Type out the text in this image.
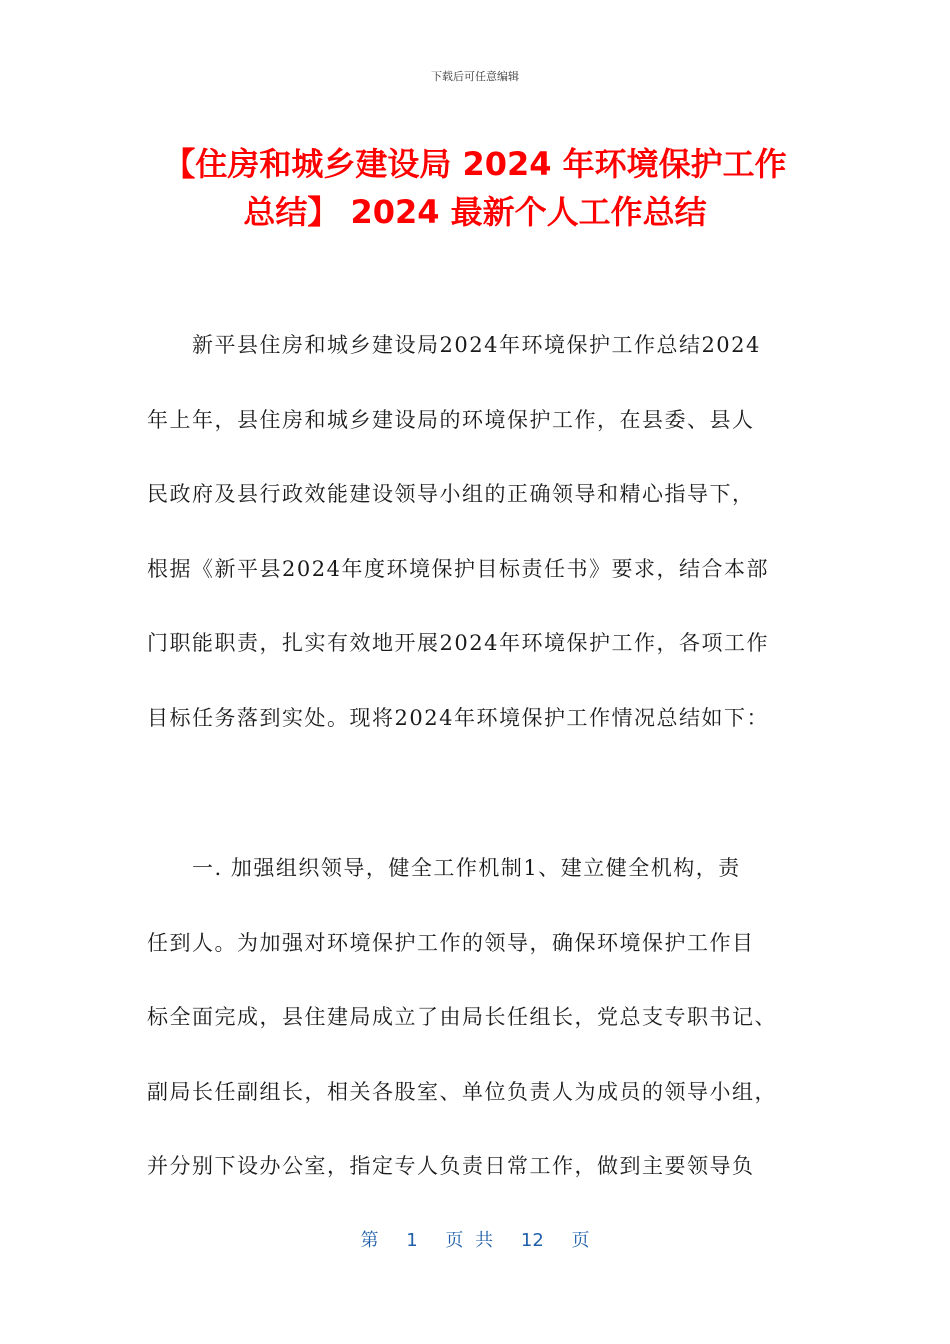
下载后可任意编辑
【住房和城乡建设局 2024 年环境保护工作
总结】 2024 最新个人工作总结
新平县住房和城乡建设局2024年环境保护工作总结2024
年上年，县住房和城乡建设局的环境保护工作，在县委、县人
民政府及县行政效能建设领导小组的正确领导和精心指导下，
根据《新平县2024年度环境保护目标责任书》要求，结合本部
门职能职责，扎实有效地开展2024年环境保护工作，各项工作
目标任务落到实处。现将2024年环境保护工作情况总结如下：
一. 加强组织领导，健全工作机制1、建立健全机构，责
任到人。为加强对环境保护工作的领导，确保环境保护工作目
标全面完成，县住建局成立了由局长任组长，党总支专职书记、
副局长任副组长，相关各股室、单位负责人为成员的领导小组，
并分别下设办公室，指定专人负责日常工作，做到主要领导负
第 1 页 共 12 页
